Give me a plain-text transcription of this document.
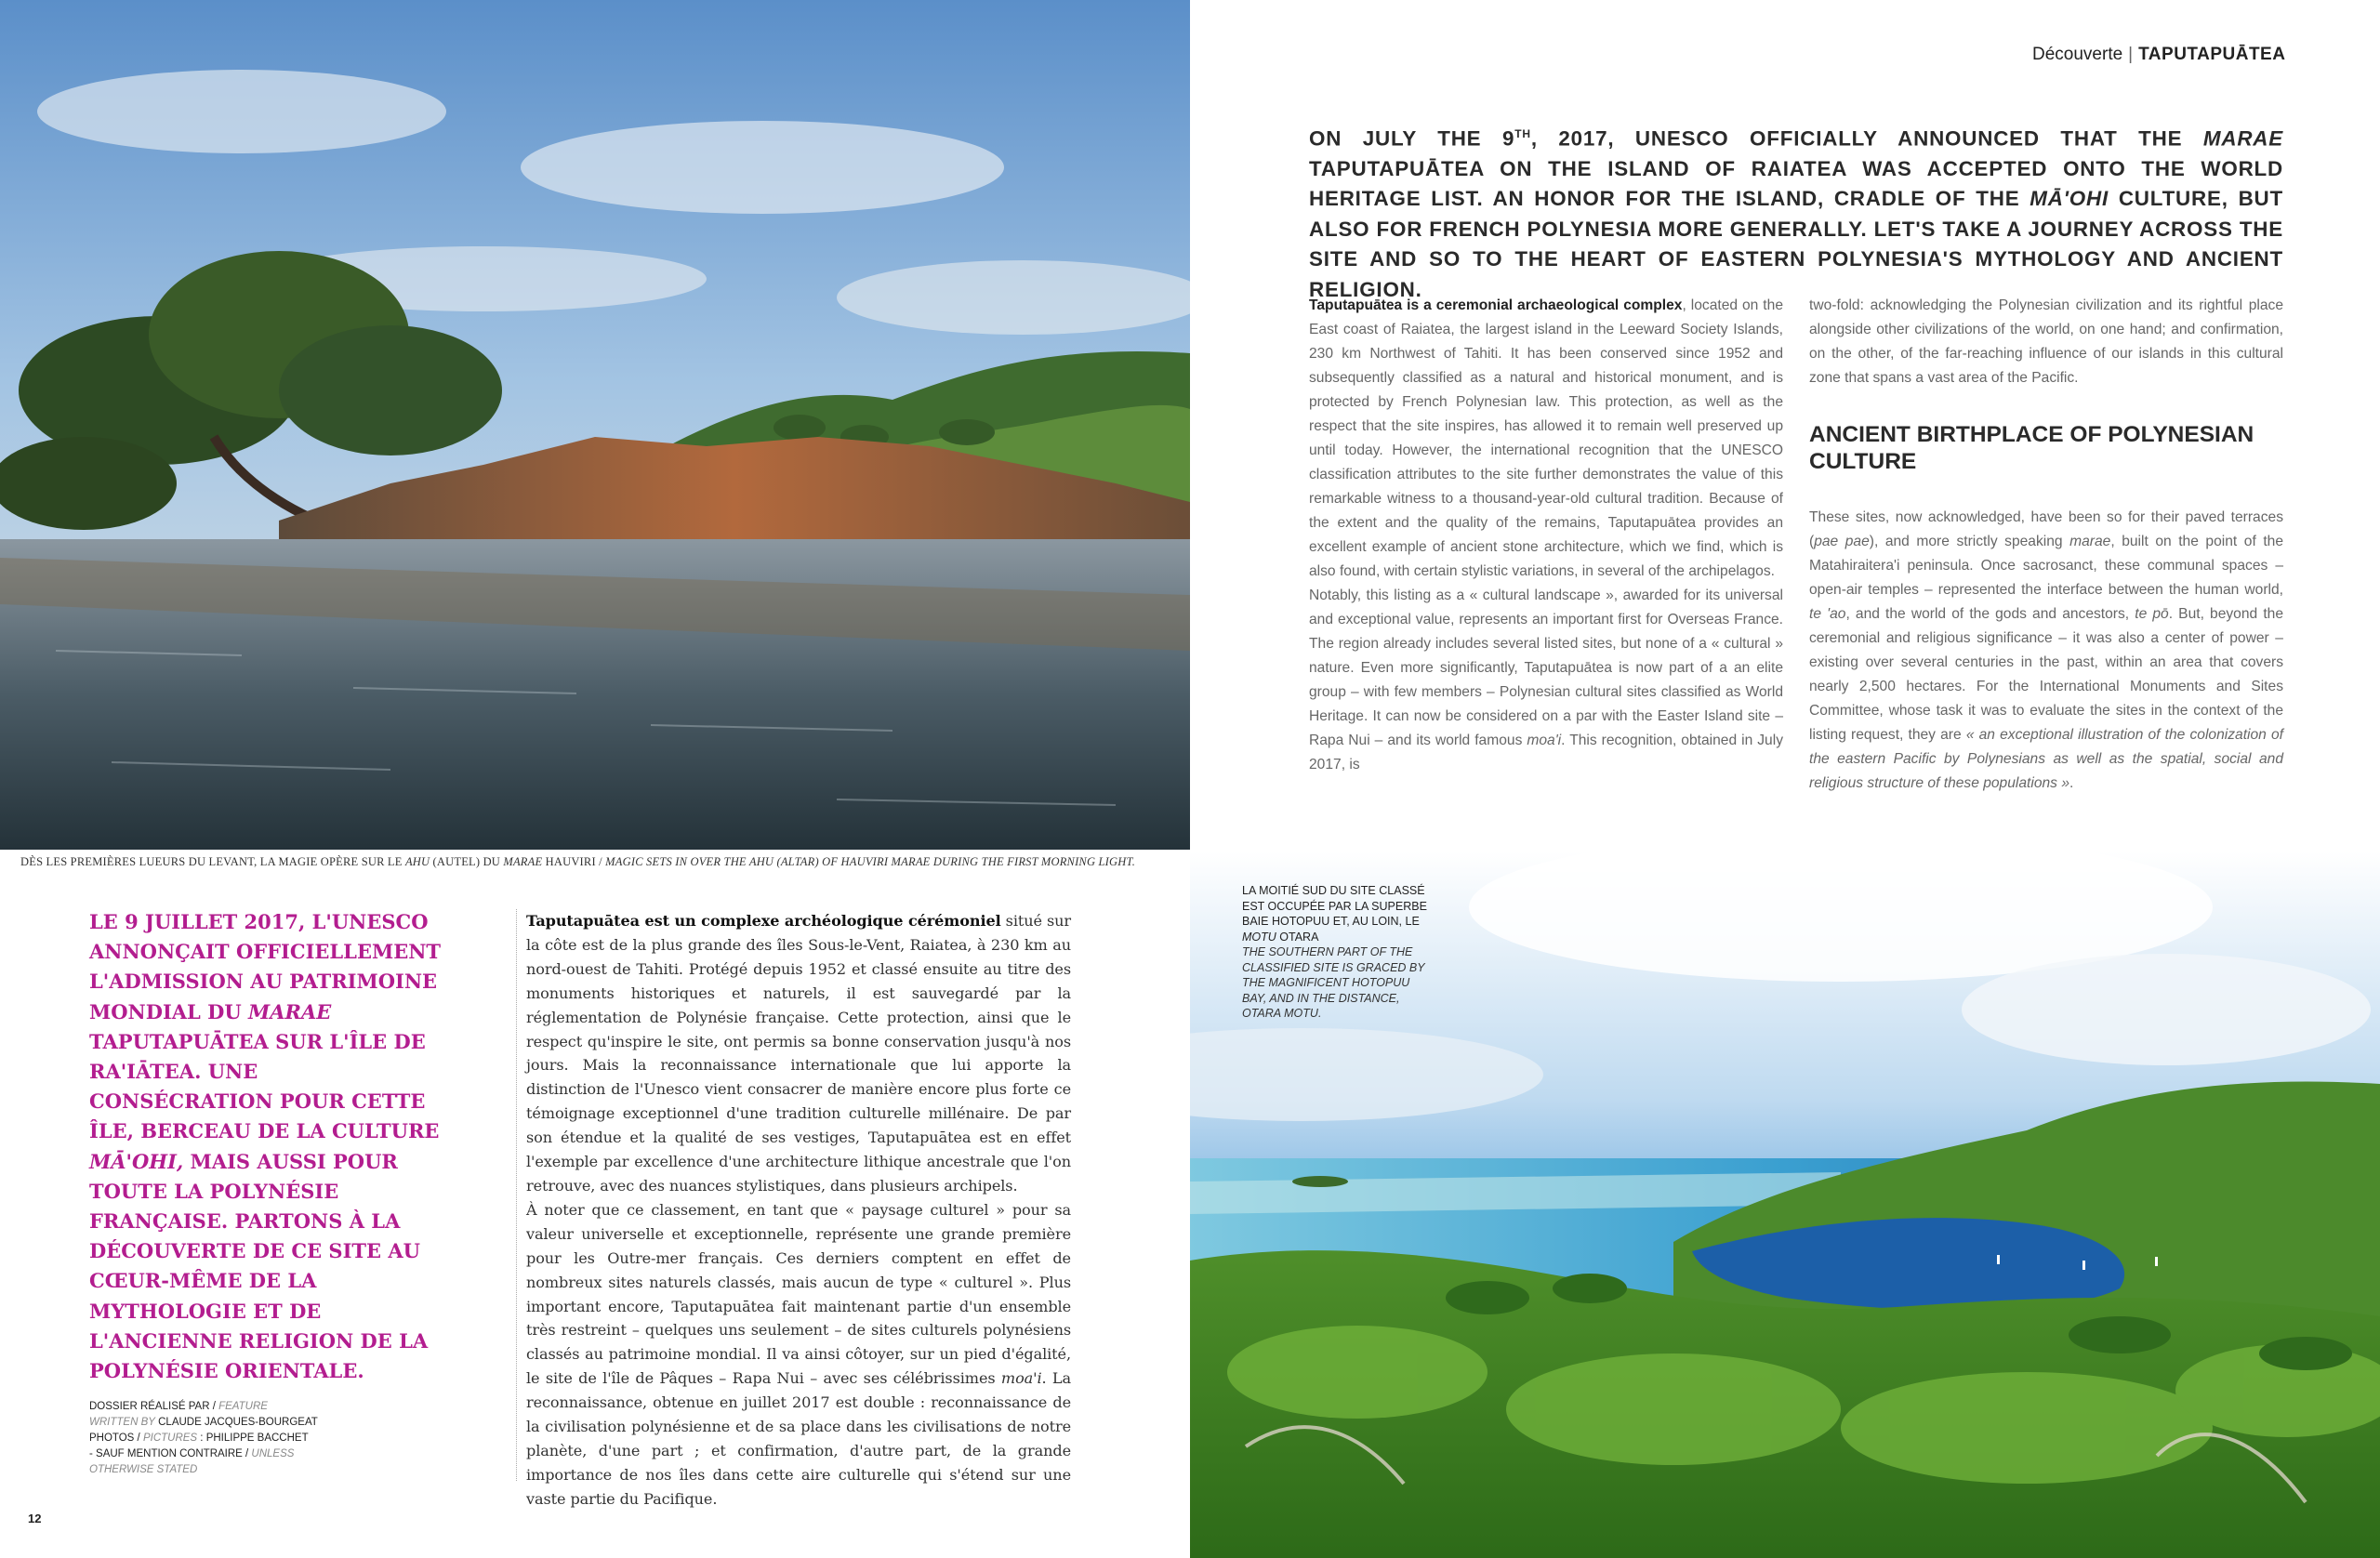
DÈS LES PREMIÈRES LUEURS DU LEVANT, LA MAGIE OPÈRE SUR LE AHU (AUTEL) DU MARAE HAUVIRI / MAGIC SETS IN OVER THE AHU (ALTAR) OF HAUVIRI MARAE DURING THE FIRST MORNING LIGHT.
Découverte | TAPUTAPUĀTEA
ON JULY THE 9TH, 2017, UNESCO OFFICIALLY ANNOUNCED THAT THE MARAE TAPUTAPUĀTEA ON THE ISLAND OF RAIATEA WAS ACCEPTED ONTO THE WORLD HERITAGE LIST. AN HONOR FOR THE ISLAND, CRADLE OF THE MĀ'OHI CULTURE, BUT ALSO FOR FRENCH POLYNESIA MORE GENERALLY. LET'S TAKE A JOURNEY ACROSS THE SITE AND SO TO THE HEART OF EASTERN POLYNESIA'S MYTHOLOGY AND ANCIENT RELIGION.

Taputapuātea is a ceremonial archaeological complex, located on the East coast of Raiatea, the largest island in the Leeward Society Islands, 230 km Northwest of Tahiti. It has been conserved since 1952 and subsequently classified as a natural and historical monument, and is protected by French Polynesian law. This protection, as well as the respect that the site inspires, has allowed it to remain well preserved up until today. However, the international recognition that the UNESCO classification attributes to the site further demonstrates the value of this remarkable witness to a thousand-year-old cultural tradition. Because of the extent and the quality of the remains, Taputapuātea provides an excellent example of ancient stone architecture, which we find, which is also found, with certain stylistic variations, in several of the archipelagos.

Notably, this listing as a « cultural landscape », awarded for its universal and exceptional value, represents an important first for Overseas France. The region already includes several listed sites, but none of a « cultural » nature. Even more significantly, Taputapuātea is now part of a an elite group – with few members – Polynesian cultural sites classified as World Heritage. It can now be considered on a par with the Easter Island site – Rapa Nui – and its world famous moa'i. This recognition, obtained in July 2017, is

two-fold: acknowledging the Polynesian civilization and its rightful place alongside other civilizations of the world, on one hand; and confirmation, on the other, of the far-reaching influence of our islands in this cultural zone that spans a vast area of the Pacific.

ANCIENT BIRTHPLACE OF POLYNESIAN CULTURE

These sites, now acknowledged, have been so for their paved terraces (pae pae), and more strictly speaking marae, built on the point of the Matahiraitera'i peninsula. Once sacrosanct, these communal spaces – open-air temples – represented the interface between the human world, te 'ao, and the world of the gods and ancestors, te pō. But, beyond the ceremonial and religious significance – it was also a center of power – existing over several centuries in the past, within an area that covers nearly 2,500 hectares. For the International Monuments and Sites Committee, whose task it was to evaluate the sites in the context of the listing request, they are « an exceptional illustration of the colonization of the eastern Pacific by Polynesians as well as the spatial, social and religious structure of these populations ».

LE 9 JUILLET 2017, L'UNESCO ANNONÇAIT OFFICIELLEMENT L'ADMISSION AU PATRIMOINE MONDIAL DU MARAE TAPUTAPUĀTEA SUR L'ÎLE DE RA'IĀTEA. UNE CONSÉCRATION POUR CETTE ÎLE, BERCEAU DE LA CULTURE MĀ'OHI, MAIS AUSSI POUR TOUTE LA POLYNÉSIE FRANÇAISE. PARTONS À LA DÉCOUVERTE DE CE SITE AU CŒUR-MÊME DE LA MYTHOLOGIE ET DE L'ANCIENNE RELIGION DE LA POLYNÉSIE ORIENTALE.
DOSSIER RÉALISÉ PAR / FEATURE
WRITTEN BY CLAUDE JACQUES-BOURGEAT
PHOTOS / PICTURES : PHILIPPE BACCHET
- SAUF MENTION CONTRAIRE / UNLESS OTHERWISE STATED
12

Taputapuātea est un complexe archéologique cérémoniel situé sur la côte est de la plus grande des îles Sous-le-Vent, Raiatea, à 230 km au nord-ouest de Tahiti. Protégé depuis 1952 et classé ensuite au titre des monuments historiques et naturels, il est sauvegardé par la réglementation de Polynésie française. Cette protection, ainsi que le respect qu'inspire le site, ont permis sa bonne conservation jusqu'à nos jours. Mais la reconnaissance internationale que lui apporte la distinction de l'Unesco vient consacrer de manière encore plus forte ce témoignage exceptionnel d'une tradition culturelle millénaire. De par son étendue et la qualité de ses vestiges, Taputapuātea est en effet l'exemple par excellence d'une architecture lithique ancestrale que l'on retrouve, avec des nuances stylistiques, dans plusieurs archipels.

À noter que ce classement, en tant que « paysage culturel » pour sa valeur universelle et exceptionnelle, représente une grande première pour les Outre-mer français. Ces derniers comptent en effet de nombreux sites naturels classés, mais aucun de type « culturel ». Plus important encore, Taputapuātea fait maintenant partie d'un ensemble très restreint – quelques uns seulement – de sites culturels polynésiens classés au patrimoine mondial. Il va ainsi côtoyer, sur un pied d'égalité, le site de l'île de Pâques – Rapa Nui – avec ses célébrissimes moa'i. La reconnaissance, obtenue en juillet 2017 est double : reconnaissance de la civilisation polynésienne et de sa place dans les civilisations de notre planète, d'une part ; et confirmation, d'autre part, de la grande importance de nos îles dans cette aire culturelle qui s'étend sur une vaste partie du Pacifique.

LA MOITIÉ SUD DU SITE CLASSÉ EST OCCUPÉE PAR LA SUPERBE BAIE HOTOPUU ET, AU LOIN, LE MOTU OTARA
THE SOUTHERN PART OF THE CLASSIFIED SITE IS GRACED BY THE MAGNIFICENT HOTOPUU BAY, AND IN THE DISTANCE, OTARA MOTU.
